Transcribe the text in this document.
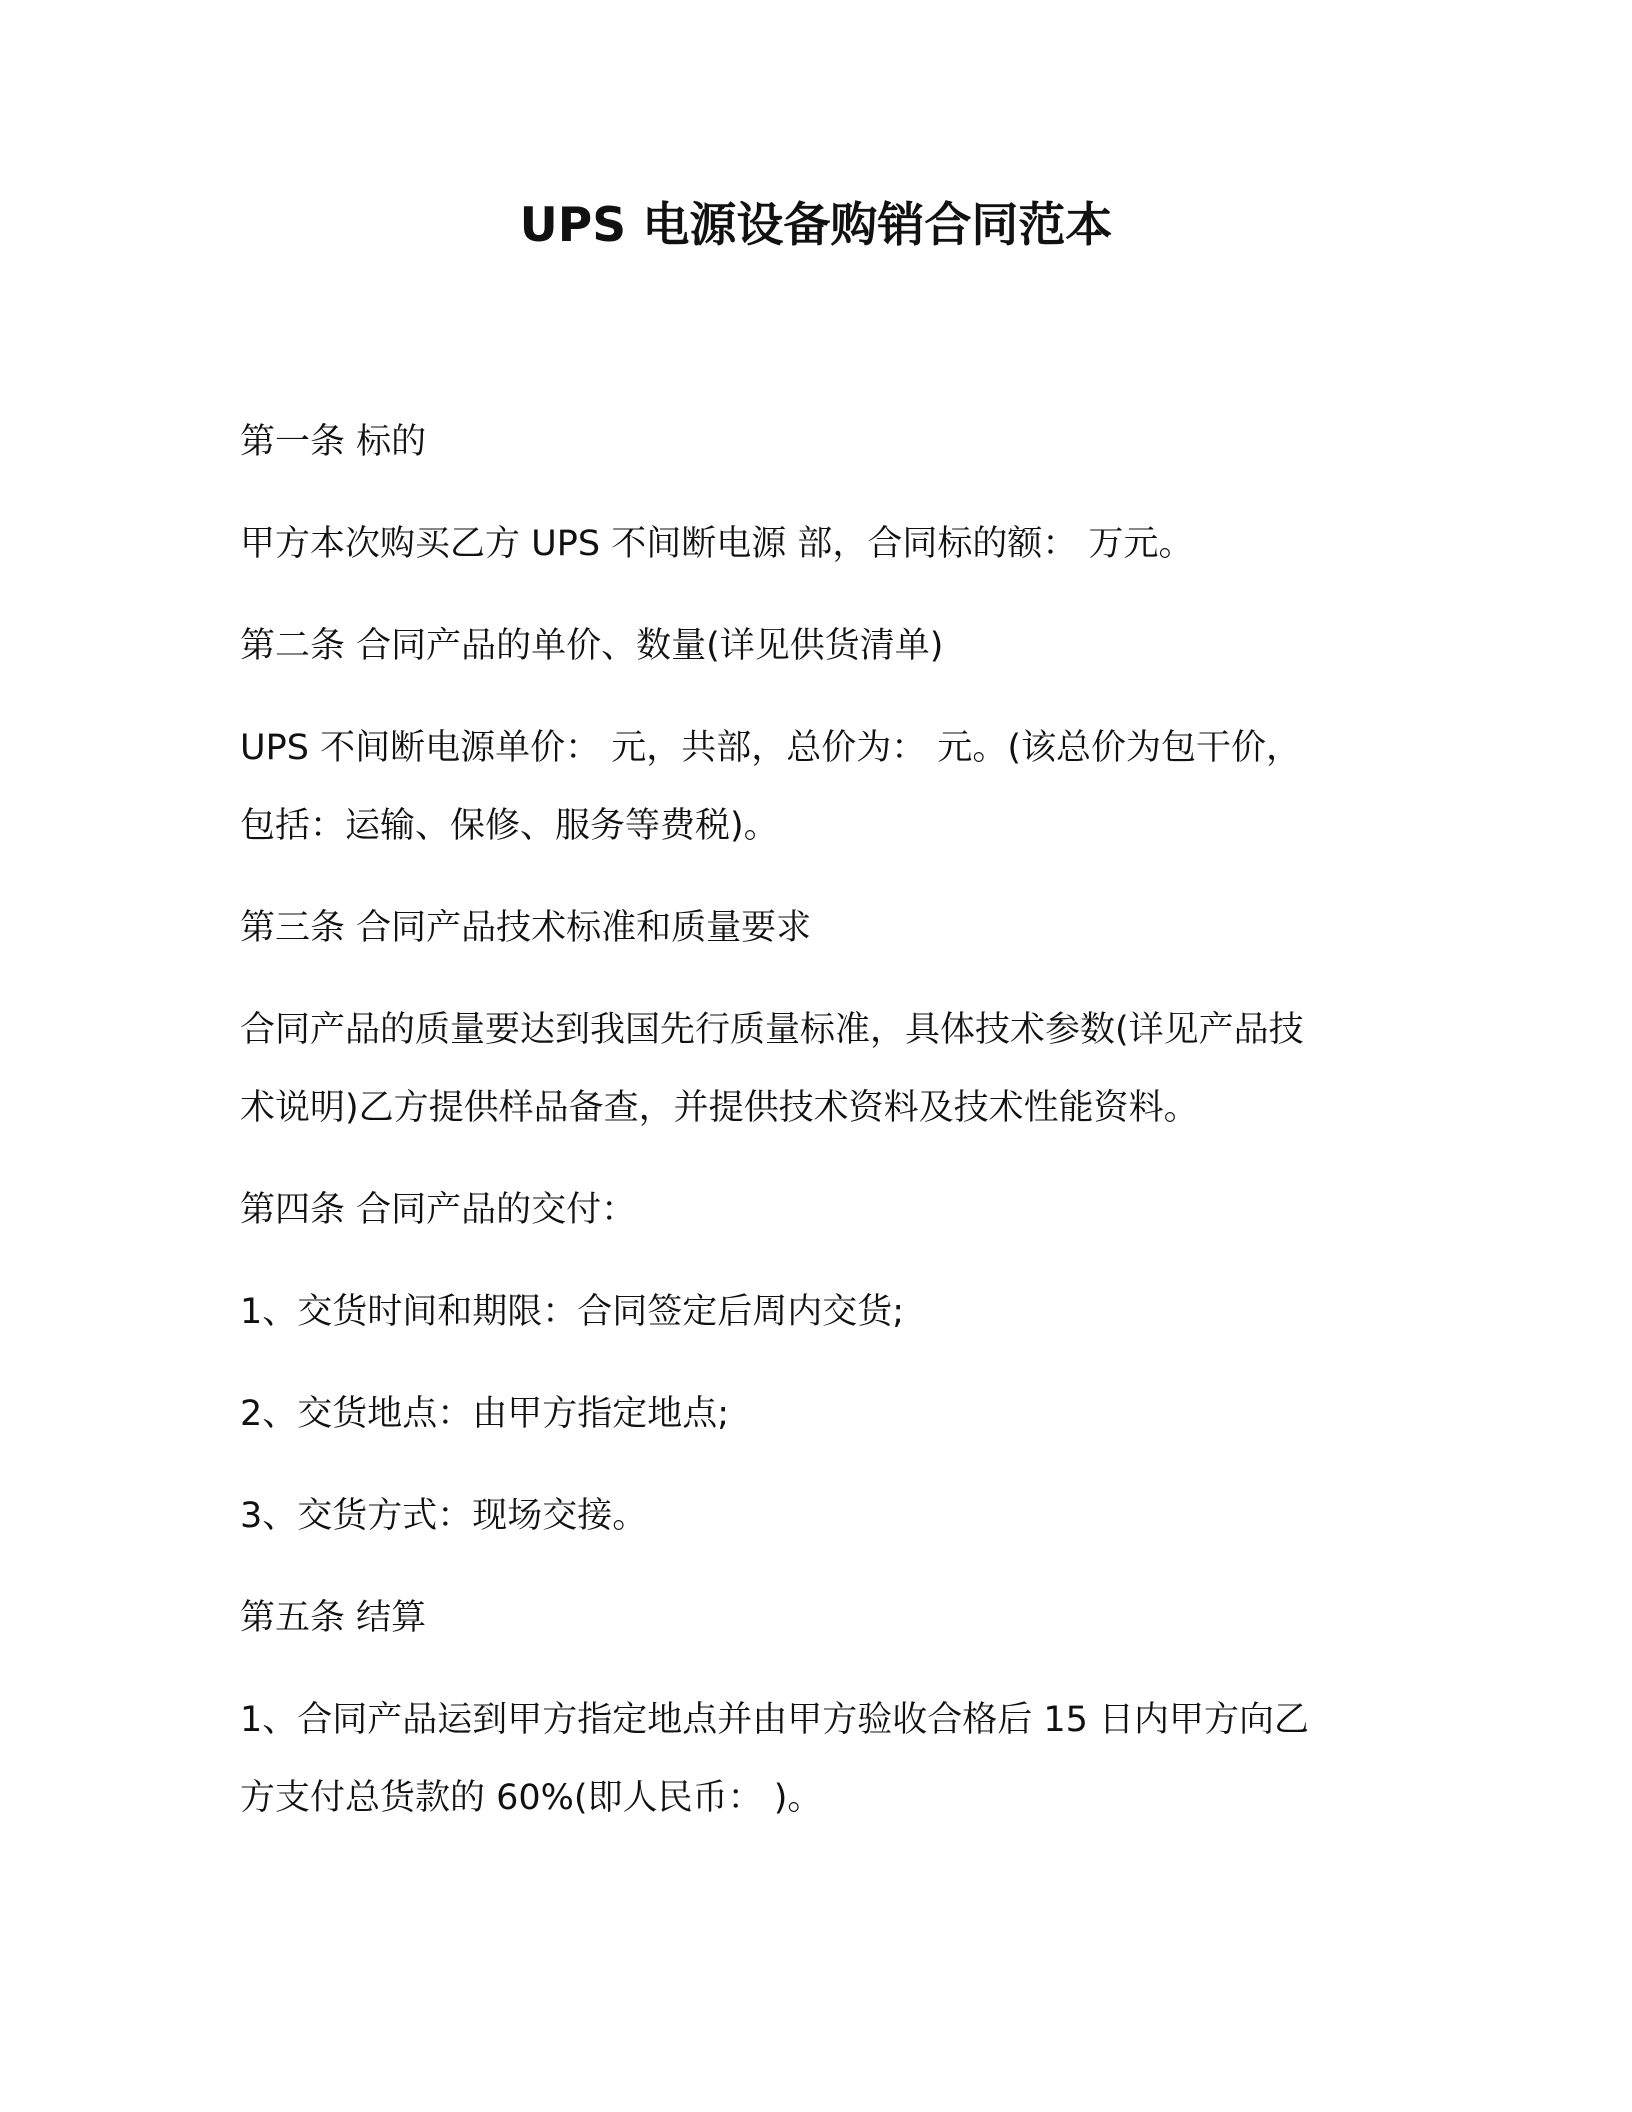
UPS 电源设备购销合同范本
第一条 标的
甲方本次购买乙方 UPS 不间断电源 部，合同标的额： 万元。
第二条 合同产品的单价、数量(详见供货清单)
UPS 不间断电源单价： 元，共部，总价为： 元。(该总价为包干价，
包括：运输、保修、服务等费税)。
第三条 合同产品技术标准和质量要求
合同产品的质量要达到我国先行质量标准，具体技术参数(详见产品技
术说明)乙方提供样品备查，并提供技术资料及技术性能资料。
第四条 合同产品的交付：
1、交货时间和期限：合同签定后周内交货;
2、交货地点：由甲方指定地点;
3、交货方式：现场交接。
第五条 结算
1、合同产品运到甲方指定地点并由甲方验收合格后 15 日内甲方向乙
方支付总货款的 60%(即人民币： )。
